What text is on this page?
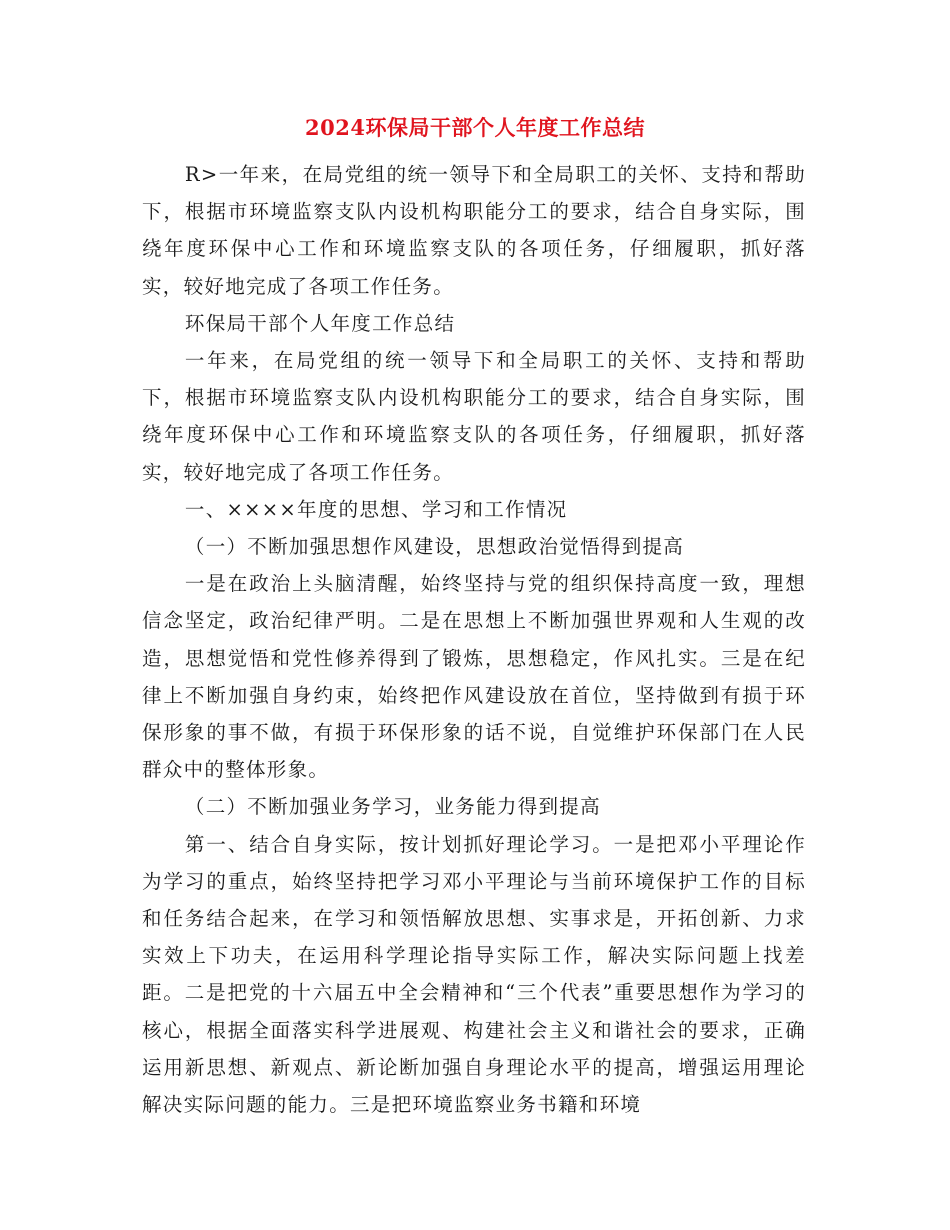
2024环保局干部个人年度工作总结

R>一年来，在局党组的统一领导下和全局职工的关怀、支持和帮助下，根据市环境监察支队内设机构职能分工的要求，结合自身实际，围绕年度环保中心工作和环境监察支队的各项任务，仔细履职，抓好落实，较好地完成了各项工作任务。

环保局干部个人年度工作总结

一年来，在局党组的统一领导下和全局职工的关怀、支持和帮助下，根据市环境监察支队内设机构职能分工的要求，结合自身实际，围绕年度环保中心工作和环境监察支队的各项任务，仔细履职，抓好落实，较好地完成了各项工作任务。

一、××××年度的思想、学习和工作情况

（一）不断加强思想作风建设，思想政治觉悟得到提高

一是在政治上头脑清醒，始终坚持与党的组织保持高度一致，理想信念坚定，政治纪律严明。二是在思想上不断加强世界观和人生观的改造，思想觉悟和党性修养得到了锻炼，思想稳定，作风扎实。三是在纪律上不断加强自身约束，始终把作风建设放在首位，坚持做到有损于环保形象的事不做，有损于环保形象的话不说，自觉维护环保部门在人民群众中的整体形象。

（二）不断加强业务学习，业务能力得到提高

第一、结合自身实际，按计划抓好理论学习。一是把邓小平理论作为学习的重点，始终坚持把学习邓小平理论与当前环境保护工作的目标和任务结合起来，在学习和领悟解放思想、实事求是，开拓创新、力求实效上下功夫，在运用科学理论指导实际工作，解决实际问题上找差距。二是把党的十六届五中全会精神和“三个代表”重要思想作为学习的核心，根据全面落实科学进展观、构建社会主义和谐社会的要求，正确运用新思想、新观点、新论断加强自身理论水平的提高，增强运用理论解决实际问题的能力。三是把环境监察业务书籍和环境
